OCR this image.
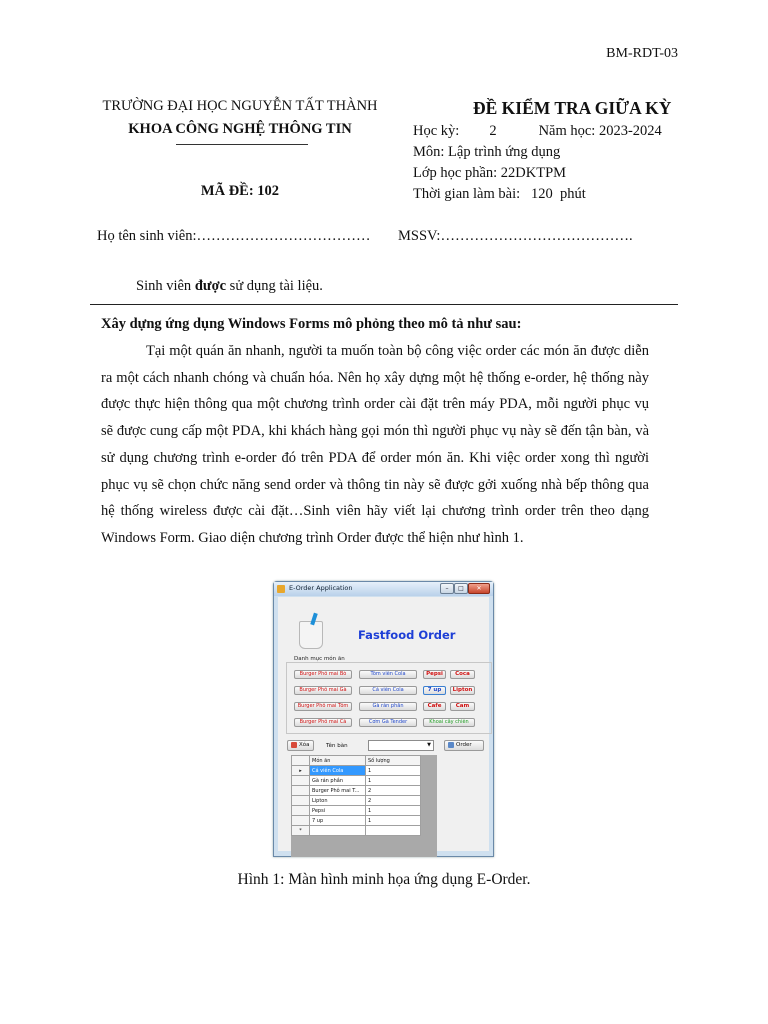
BM-RDT-03
TRƯỜNG ĐẠI HỌC NGUYỄN TẤT THÀNH
KHOA CÔNG NGHỆ THÔNG TIN
MÃ ĐỀ: 102
ĐỀ KIỂM TRA GIỮA KỲ
Học kỳ: 2	Năm học: 2023-2024
Môn: Lập trình ứng dụng
Lớp học phần: 22DKTPM
Thời gian làm bài: 120 phút
Họ tên sinh viên:……………………………… MSSV:………………………………….
Sinh viên được sử dụng tài liệu.
Xây dựng ứng dụng Windows Forms mô phỏng theo mô tả như sau:
Tại một quán ăn nhanh, người ta muốn toàn bộ công việc order các món ăn được diễn ra một cách nhanh chóng và chuẩn hóa. Nên họ xây dựng một hệ thống e-order, hệ thống này được thực hiện thông qua một chương trình order cài đặt trên máy PDA, mỗi người phục vụ sẽ được cung cấp một PDA, khi khách hàng gọi món thì người phục vụ này sẽ đến tận bàn, và sử dụng chương trình e-order đó trên PDA để order món ăn. Khi việc order xong thì người phục vụ sẽ chọn chức năng send order và thông tin này sẽ được gởi xuống nhà bếp thông qua hệ thống wireless được cài đặt…Sinh viên hãy viết lại chương trình order trên theo dạng Windows Form. Giao diện chương trình Order được thể hiện như hình 1.
E-Order Application	–	□	✕
Fastfood Order
Danh mục món ăn
Burger Phô mai Bò	Tôm viên Cola	Pepsi	Coca
Burger Phô mai Gà	Cá viên Cola	7 up	Lipton
Burger Phô mai Tôm	Gà rán phần	Cafe	Cam
Burger Phô mai Cá	Cơm Gà Tender	Khoai cây chiên
Xóa	Tên bàn	▼	Order
	Món ăn	Số lượng
▸	Cá viên Cola	1
	Gà rán phần	1
	Burger Phô mai T...	2
	Lipton	2
	Pepsi	1
	7 up	1
*		
Hình 1: Màn hình minh họa ứng dụng E-Order.
